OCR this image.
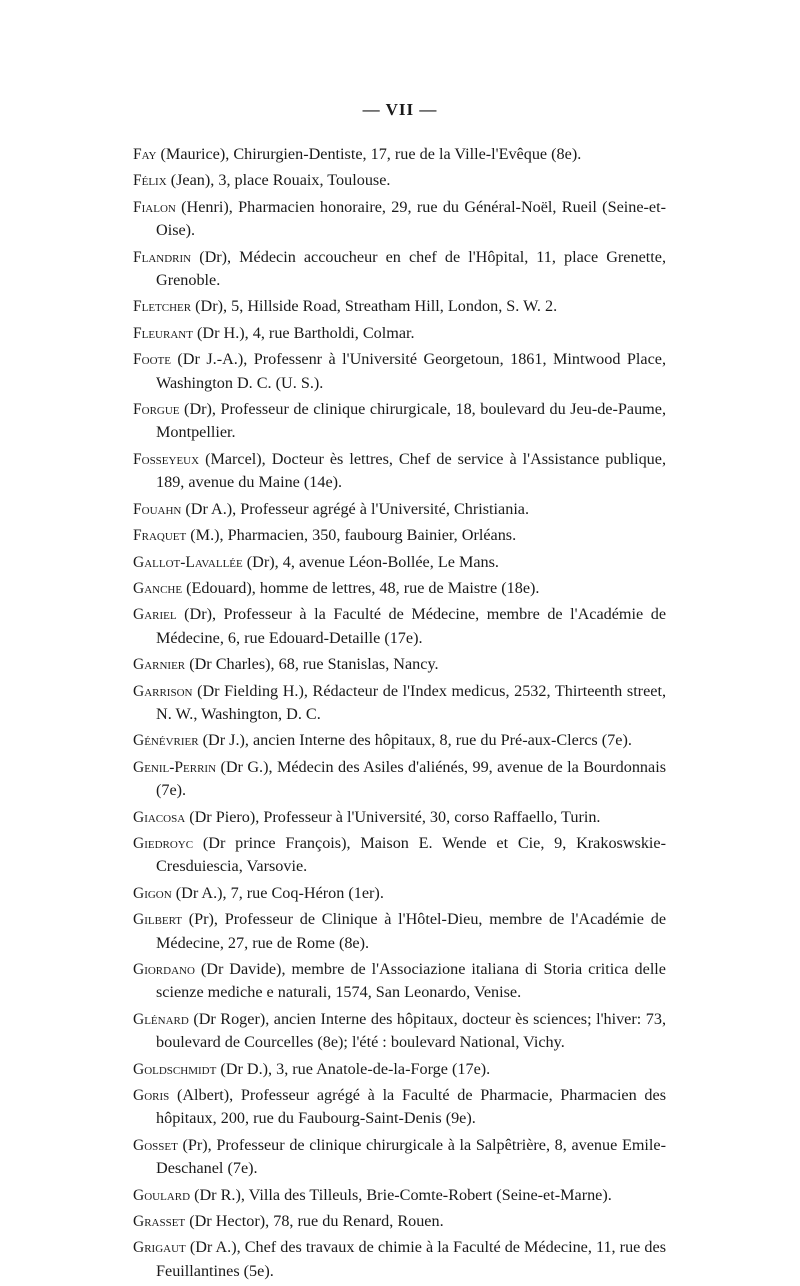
— VII —

Fay (Maurice), Chirurgien-Dentiste, 17, rue de la Ville-l'Evêque (8e).

Félix (Jean), 3, place Rouaix, Toulouse.

Fialon (Henri), Pharmacien honoraire, 29, rue du Général-Noël, Rueil (Seine-et-Oise).

Flandrin (Dr), Médecin accoucheur en chef de l'Hôpital, 11, place Grenette, Grenoble.

Fletcher (Dr), 5, Hillside Road, Streatham Hill, London, S. W. 2.

Fleurant (Dr H.), 4, rue Bartholdi, Colmar.

Foote (Dr J.-A.), Professenr à l'Université Georgetoun, 1861, Mintwood Place, Washington D. C. (U. S.).

Forgue (Dr), Professeur de clinique chirurgicale, 18, boulevard du Jeu-de-Paume, Montpellier.

Fosseyeux (Marcel), Docteur ès lettres, Chef de service à l'Assistance publique, 189, avenue du Maine (14e).

Fouahn (Dr A.), Professeur agrégé à l'Université, Christiania.

Fraquet (M.), Pharmacien, 350, faubourg Bainier, Orléans.

Gallot-Lavallée (Dr), 4, avenue Léon-Bollée, Le Mans.

Ganche (Edouard), homme de lettres, 48, rue de Maistre (18e).

Gariel (Dr), Professeur à la Faculté de Médecine, membre de l'Académie de Médecine, 6, rue Edouard-Detaille (17e).

Garnier (Dr Charles), 68, rue Stanislas, Nancy.

Garrison (Dr Fielding H.), Rédacteur de l'Index medicus, 2532, Thirteenth street, N. W., Washington, D. C.

Génévrier (Dr J.), ancien Interne des hôpitaux, 8, rue du Pré-aux-Clercs (7e).

Genil-Perrin (Dr G.), Médecin des Asiles d'aliénés, 99, avenue de la Bourdonnais (7e).

Giacosa (Dr Piero), Professeur à l'Université, 30, corso Raffaello, Turin.

Giedroyc (Dr prince François), Maison E. Wende et Cie, 9, Krakoswskie-Cresduiescia, Varsovie.

Gigon (Dr A.), 7, rue Coq-Héron (1er).

Gilbert (Pr), Professeur de Clinique à l'Hôtel-Dieu, membre de l'Académie de Médecine, 27, rue de Rome (8e).

Giordano (Dr Davide), membre de l'Associazione italiana di Storia critica delle scienze mediche e naturali, 1574, San Leonardo, Venise.

Glénard (Dr Roger), ancien Interne des hôpitaux, docteur ès sciences; l'hiver: 73, boulevard de Courcelles (8e); l'été : boulevard National, Vichy.

Goldschmidt (Dr D.), 3, rue Anatole-de-la-Forge (17e).

Goris (Albert), Professeur agrégé à la Faculté de Pharmacie, Pharmacien des hôpitaux, 200, rue du Faubourg-Saint-Denis (9e).

Gosset (Pr), Professeur de clinique chirurgicale à la Salpêtrière, 8, avenue Emile-Deschanel (7e).

Goulard (Dr R.), Villa des Tilleuls, Brie-Comte-Robert (Seine-et-Marne).

Grasset (Dr Hector), 78, rue du Renard, Rouen.

Grigaut (Dr A.), Chef des travaux de chimie à la Faculté de Médecine, 11, rue des Feuillantines (5e).
